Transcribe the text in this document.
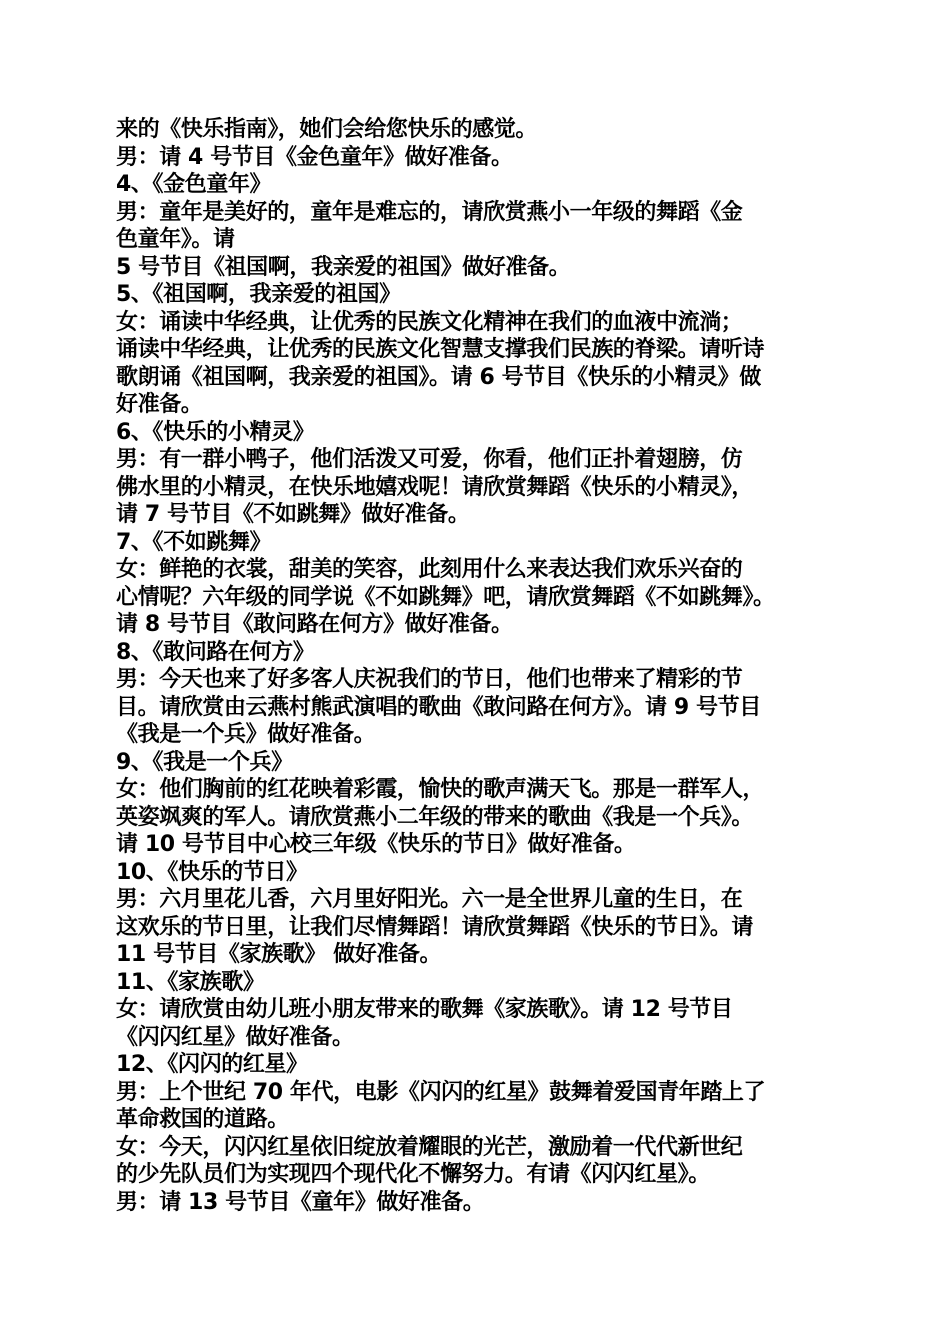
来的《快乐指南》，她们会给您快乐的感觉。
男：请 4 号节目《金色童年》做好准备。
4、《金色童年》
男：童年是美好的，童年是难忘的，请欣赏燕小一年级的舞蹈《金
色童年》。请
5 号节目《祖国啊，我亲爱的祖国》做好准备。
5、《祖国啊，我亲爱的祖国》
女：诵读中华经典，让优秀的民族文化精神在我们的血液中流淌；
诵读中华经典，让优秀的民族文化智慧支撑我们民族的脊梁。请听诗
歌朗诵《祖国啊，我亲爱的祖国》。请 6 号节目《快乐的小精灵》做
好准备。
6、《快乐的小精灵》
男：有一群小鸭子，他们活泼又可爱，你看，他们正扑着翅膀，仿
佛水里的小精灵，在快乐地嬉戏呢！请欣赏舞蹈《快乐的小精灵》，
请 7 号节目《不如跳舞》做好准备。
7、《不如跳舞》
女：鲜艳的衣裳，甜美的笑容，此刻用什么来表达我们欢乐兴奋的
心情呢？六年级的同学说《不如跳舞》吧，请欣赏舞蹈《不如跳舞》。
请 8 号节目《敢问路在何方》做好准备。
8、《敢问路在何方》
男：今天也来了好多客人庆祝我们的节日，他们也带来了精彩的节
目。请欣赏由云燕村熊武演唱的歌曲《敢问路在何方》。请 9 号节目
《我是一个兵》做好准备。
9、《我是一个兵》
女：他们胸前的红花映着彩霞，愉快的歌声满天飞。那是一群军人，
英姿飒爽的军人。请欣赏燕小二年级的带来的歌曲《我是一个兵》。
请 10 号节目中心校三年级《快乐的节日》做好准备。
10、《快乐的节日》
男：六月里花儿香，六月里好阳光。六一是全世界儿童的生日，在
这欢乐的节日里，让我们尽情舞蹈！请欣赏舞蹈《快乐的节日》。请
11 号节目《家族歌》 做好准备。
11、《家族歌》
女：请欣赏由幼儿班小朋友带来的歌舞《家族歌》。请 12 号节目
《闪闪红星》做好准备。
12、《闪闪的红星》
男：上个世纪 70 年代，电影《闪闪的红星》鼓舞着爱国青年踏上了
革命救国的道路。
女：今天，闪闪红星依旧绽放着耀眼的光芒，激励着一代代新世纪
的少先队员们为实现四个现代化不懈努力。有请《闪闪红星》。
男：请 13 号节目《童年》做好准备。
